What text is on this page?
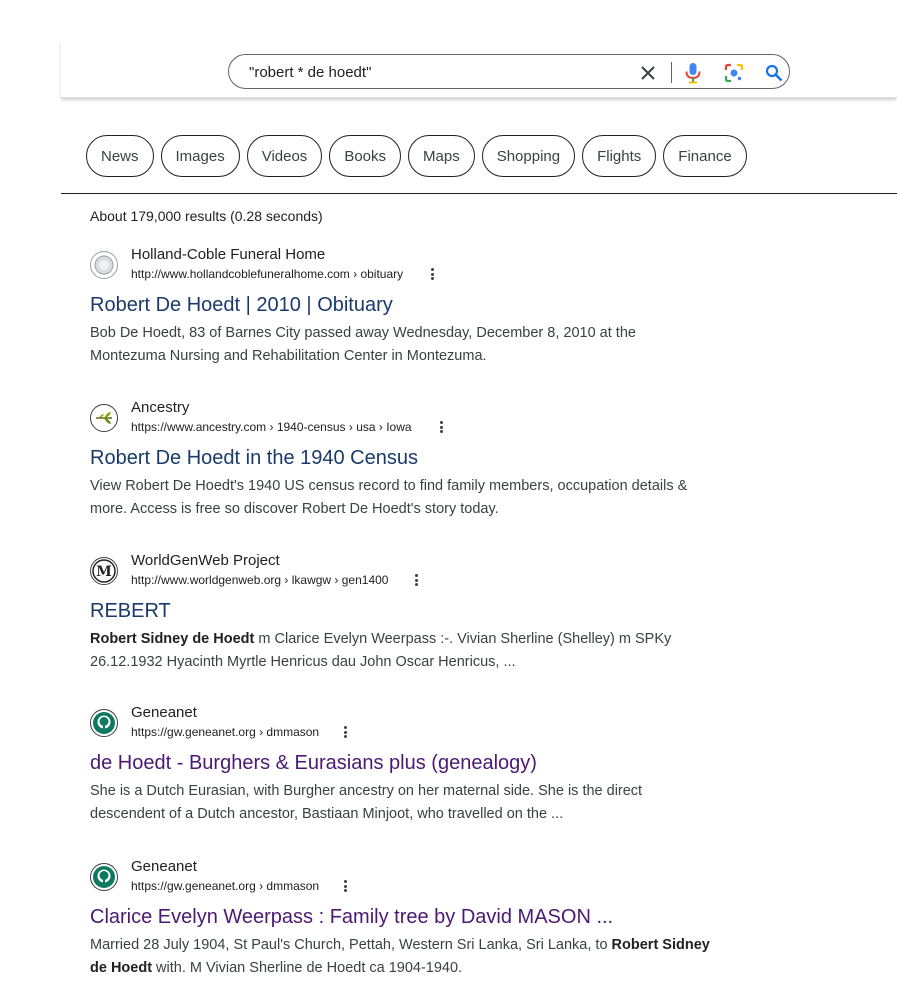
"robert * de hoedt"
News	Images	Videos	Books	Maps	Shopping	Flights	Finance
About 179,000 results (0.28 seconds)
Holland-Coble Funeral Home
http://www.hollandcoblefuneralhome.com › obituary
Robert De Hoedt | 2010 | Obituary
Bob De Hoedt, 83 of Barnes City passed away Wednesday, December 8, 2010 at the
Montezuma Nursing and Rehabilitation Center in Montezuma.
Ancestry
https://www.ancestry.com › 1940-census › usa › Iowa
Robert De Hoedt in the 1940 Census
View Robert De Hoedt's 1940 US census record to find family members, occupation details &
more. Access is free so discover Robert De Hoedt's story today.
M
WorldGenWeb Project
http://www.worldgenweb.org › lkawgw › gen1400
REBERT
Robert Sidney de Hoedt m Clarice Evelyn Weerpass :-. Vivian Sherline (Shelley) m SPKy
26.12.1932 Hyacinth Myrtle Henricus dau John Oscar Henricus, ...
Geneanet
https://gw.geneanet.org › dmmason
de Hoedt - Burghers & Eurasians plus (genealogy)
She is a Dutch Eurasian, with Burgher ancestry on her maternal side. She is the direct
descendent of a Dutch ancestor, Bastiaan Minjoot, who travelled on the ...
Geneanet
https://gw.geneanet.org › dmmason
Clarice Evelyn Weerpass : Family tree by David MASON ...
Married 28 July 1904, St Paul's Church, Pettah, Western Sri Lanka, Sri Lanka, to Robert Sidney
de Hoedt with. M Vivian Sherline de Hoedt ca 1904-1940.
